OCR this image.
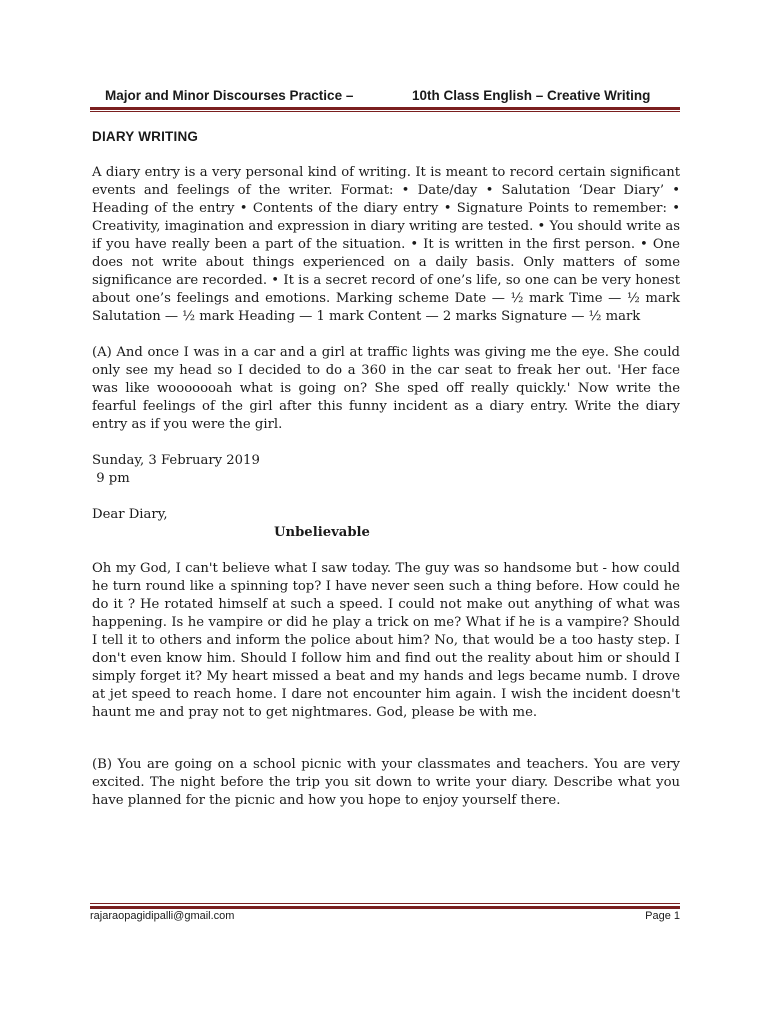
Major and Minor Discourses Practice –	10th Class English – Creative Writing
DIARY WRITING

A diary entry is a very personal kind of writing. It is meant to record certain significant events and feelings of the writer. Format: • Date/day • Salutation ‘Dear Diary’ • Heading of the entry • Contents of the diary entry • Signature Points to remember: • Creativity, imagination and expression in diary writing are tested. • You should write as if you have really been a part of the situation. • It is written in the first person. • One does not write about things experienced on a daily basis. Only matters of some significance are recorded. • It is a secret record of one’s life, so one can be very honest about one’s feelings and emotions. Marking scheme Date — ½ mark Time — ½ mark Salutation — ½ mark Heading — 1 mark Content — 2 marks Signature — ½ mark

(A) And once I was in a car and a girl at traffic lights was giving me the eye. She could only see my head so I decided to do a 360 in the car seat to freak her out. 'Her face was like wooooooah what is going on? She sped off really quickly.' Now write the fearful feelings of the girl after this funny incident as a diary entry. Write the diary entry as if you were the girl.

Sunday, 3 February 2019
9 pm
Dear Diary,
Unbelievable

Oh my God, I can't believe what I saw today. The guy was so handsome but - how could he turn round like a spinning top? I have never seen such a thing before. How could he do it ? He rotated himself at such a speed. I could not make out anything of what was happening. Is he vampire or did he play a trick on me? What if he is a vampire? Should I tell it to others and inform the police about him? No, that would be a too hasty step. I don't even know him. Should I follow him and find out the reality about him or should I simply forget it? My heart missed a beat and my hands and legs became numb. I drove at jet speed to reach home. I dare not encounter him again. I wish the incident doesn't haunt me and pray not to get nightmares. God, please be with me.

(B) You are going on a school picnic with your classmates and teachers. You are very excited. The night before the trip you sit down to write your diary. Describe what you have planned for the picnic and how you hope to enjoy yourself there.

rajaraopagidipalli@gmail.com	Page 1
